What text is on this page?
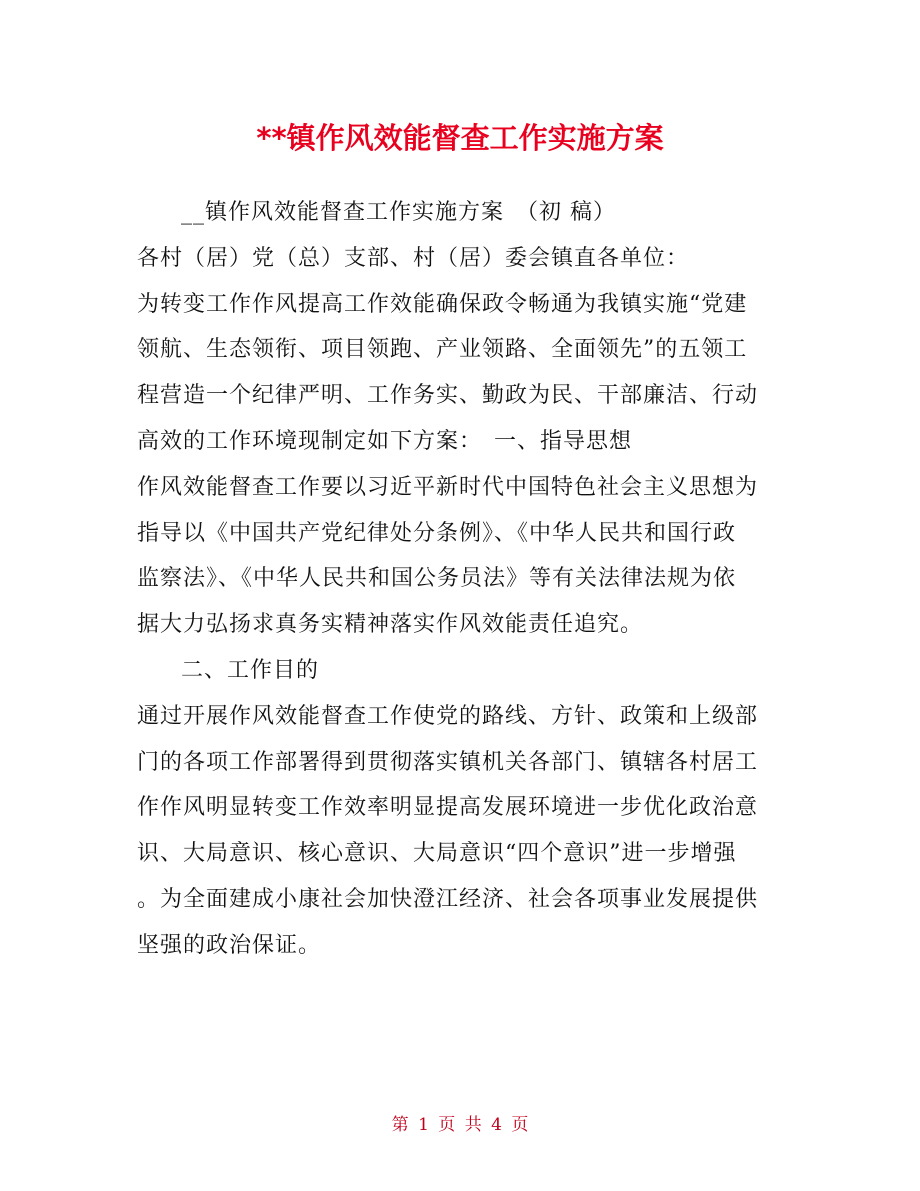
**镇作风效能督查工作实施方案
__镇作风效能督查工作实施方案　（初 稿）
各村（居）党（总）支部、村（居）委会镇直各单位：
为转变工作作风提高工作效能确保政令畅通为我镇实施“党建
领航、生态领衔、项目领跑、产业领路、全面领先”的五领工
程营造一个纪律严明、工作务实、勤政为民、干部廉洁、行动
高效的工作环境现制定如下方案：　一、指导思想
作风效能督查工作要以习近平新时代中国特色社会主义思想为
指导以《中国共产党纪律处分条例》、《中华人民共和国行政
监察法》、《中华人民共和国公务员法》等有关法律法规为依
据大力弘扬求真务实精神落实作风效能责任追究。
二、工作目的
通过开展作风效能督查工作使党的路线、方针、政策和上级部
门的各项工作部署得到贯彻落实镇机关各部门、镇辖各村居工
作作风明显转变工作效率明显提高发展环境进一步优化政治意
识、大局意识、核心意识、大局意识“四个意识”进一步增强
。为全面建成小康社会加快澄江经济、社会各项事业发展提供
坚强的政治保证。
第 1 页 共 4 页
